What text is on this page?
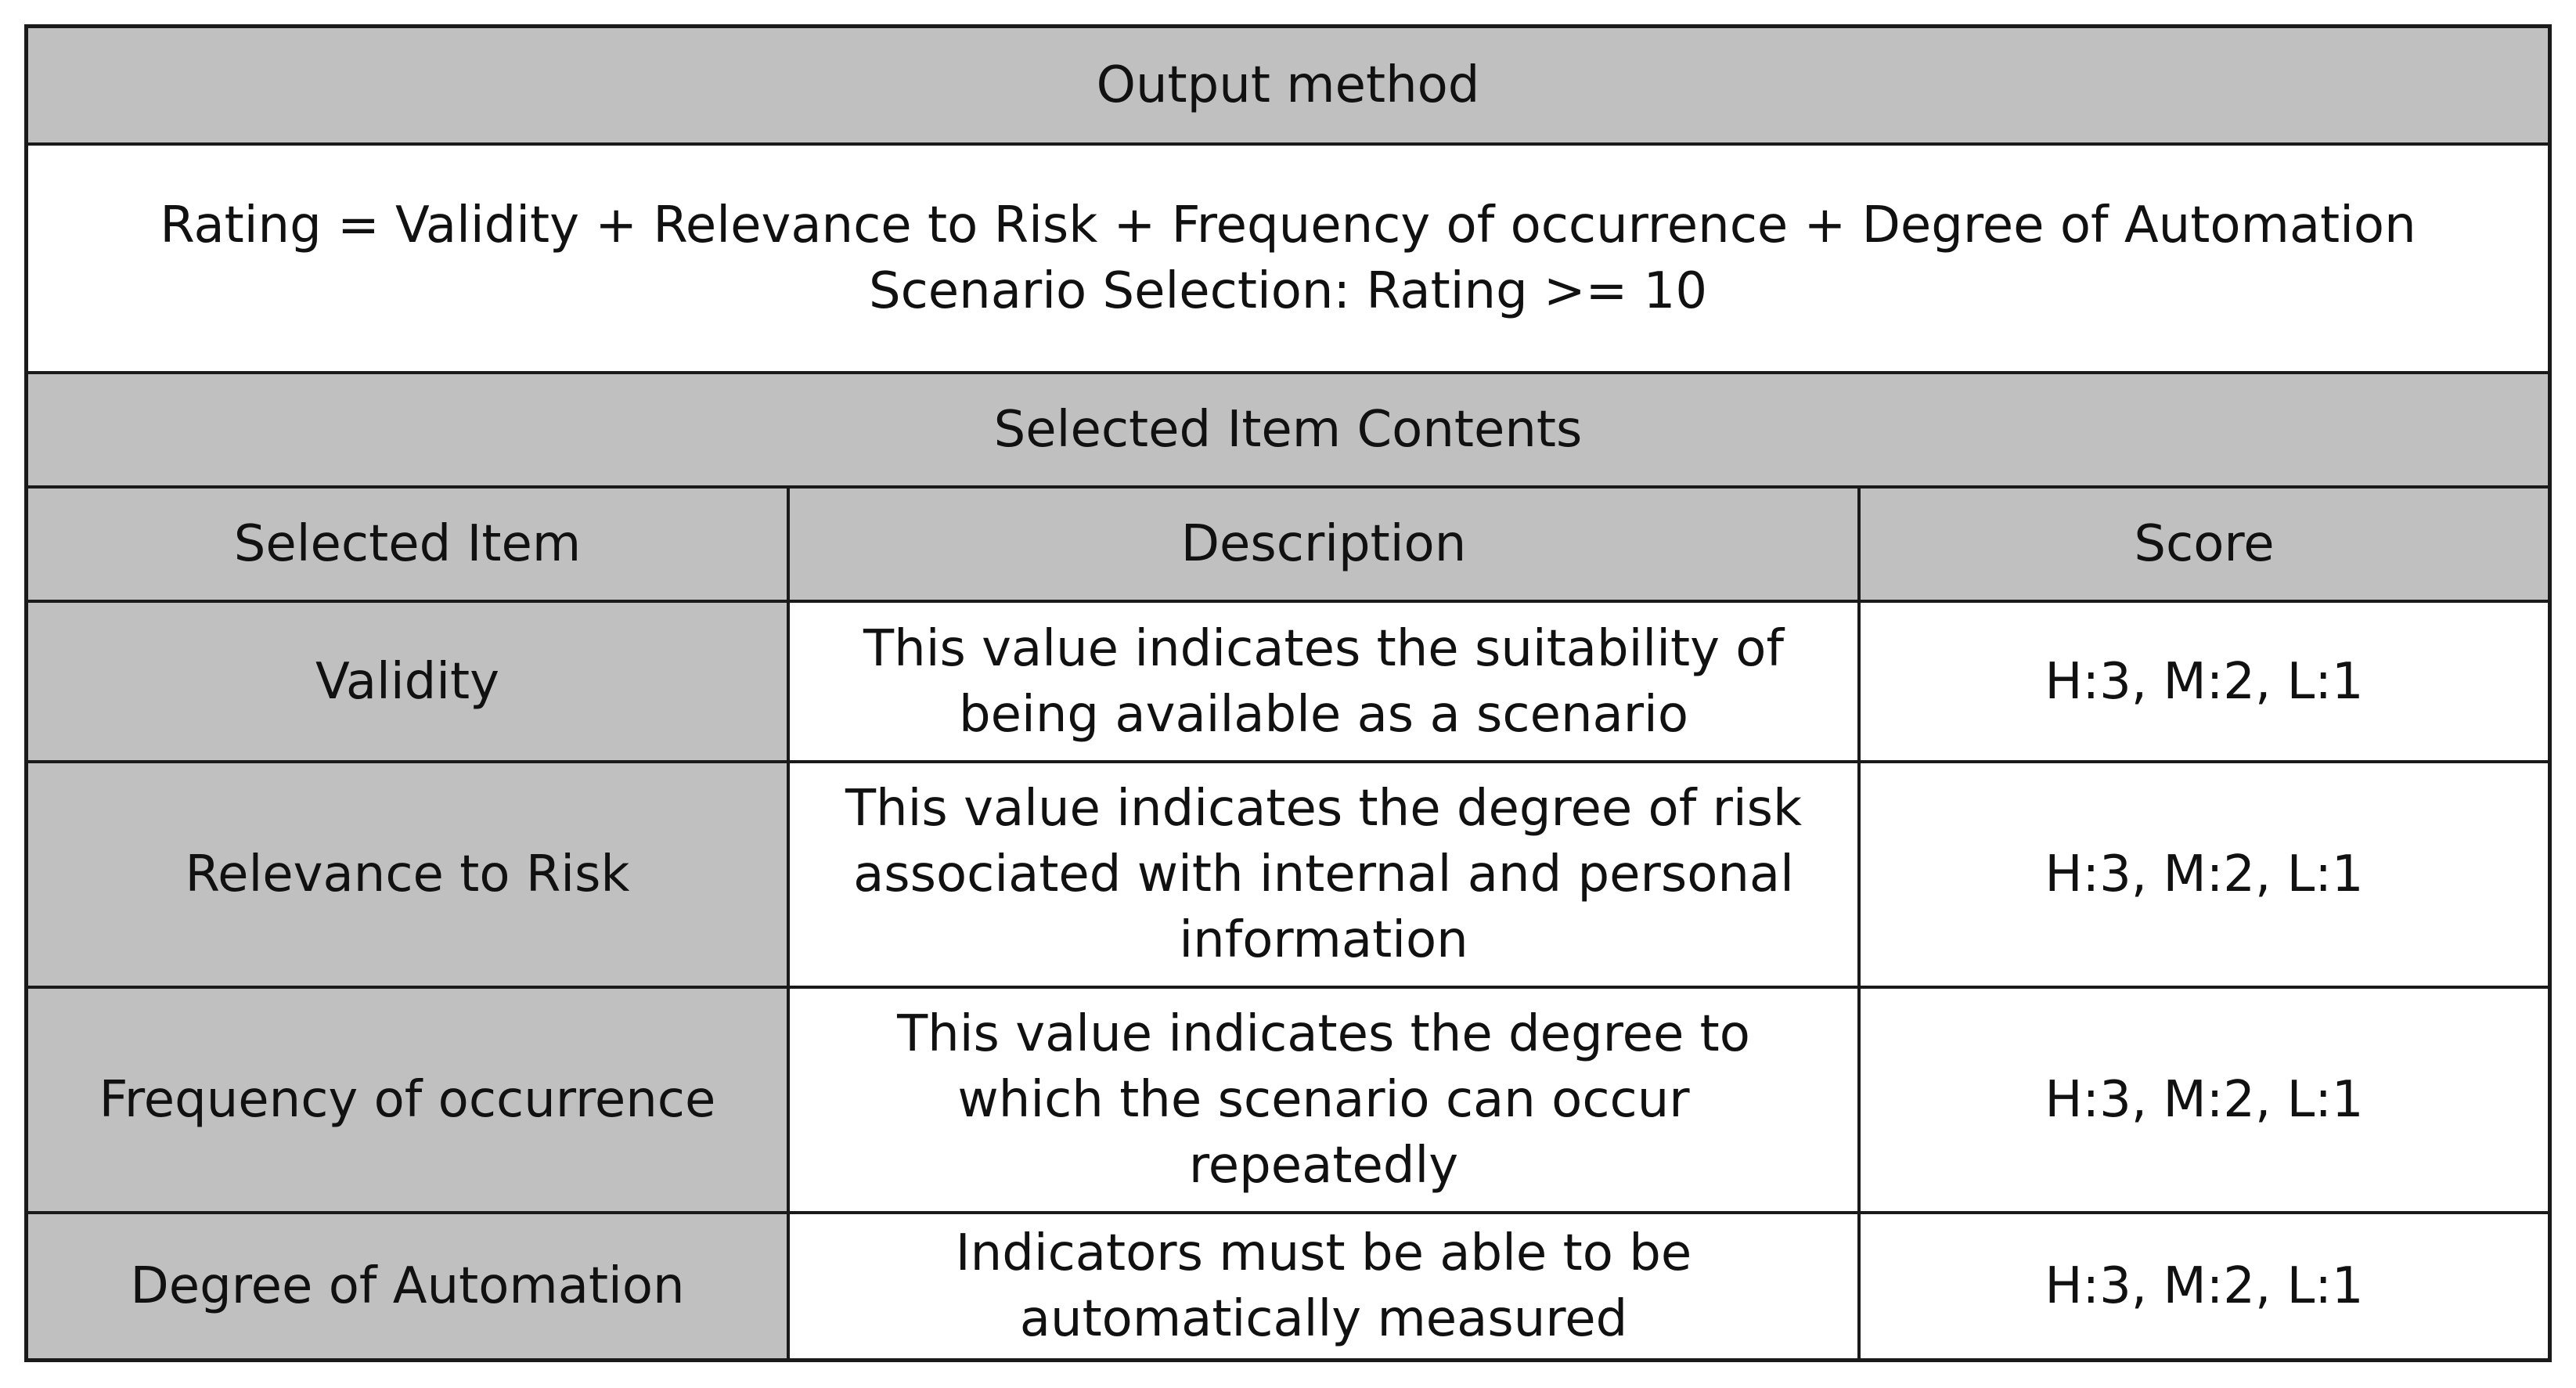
Output method
Rating = Validity + Relevance to Risk + Frequency of occurrence + Degree of Automation
Scenario Selection: Rating >= 10
Selected Item Contents
Selected Item	Description	Score
Validity
This value indicates the suitability of being available as a scenario
H:3, M:2, L:1
Relevance to Risk
This value indicates the degree of risk associated with internal and personal information
H:3, M:2, L:1
Frequency of occurrence
This value indicates the degree to which the scenario can occur repeatedly
H:3, M:2, L:1
Degree of Automation
Indicators must be able to be automatically measured
H:3, M:2, L:1
